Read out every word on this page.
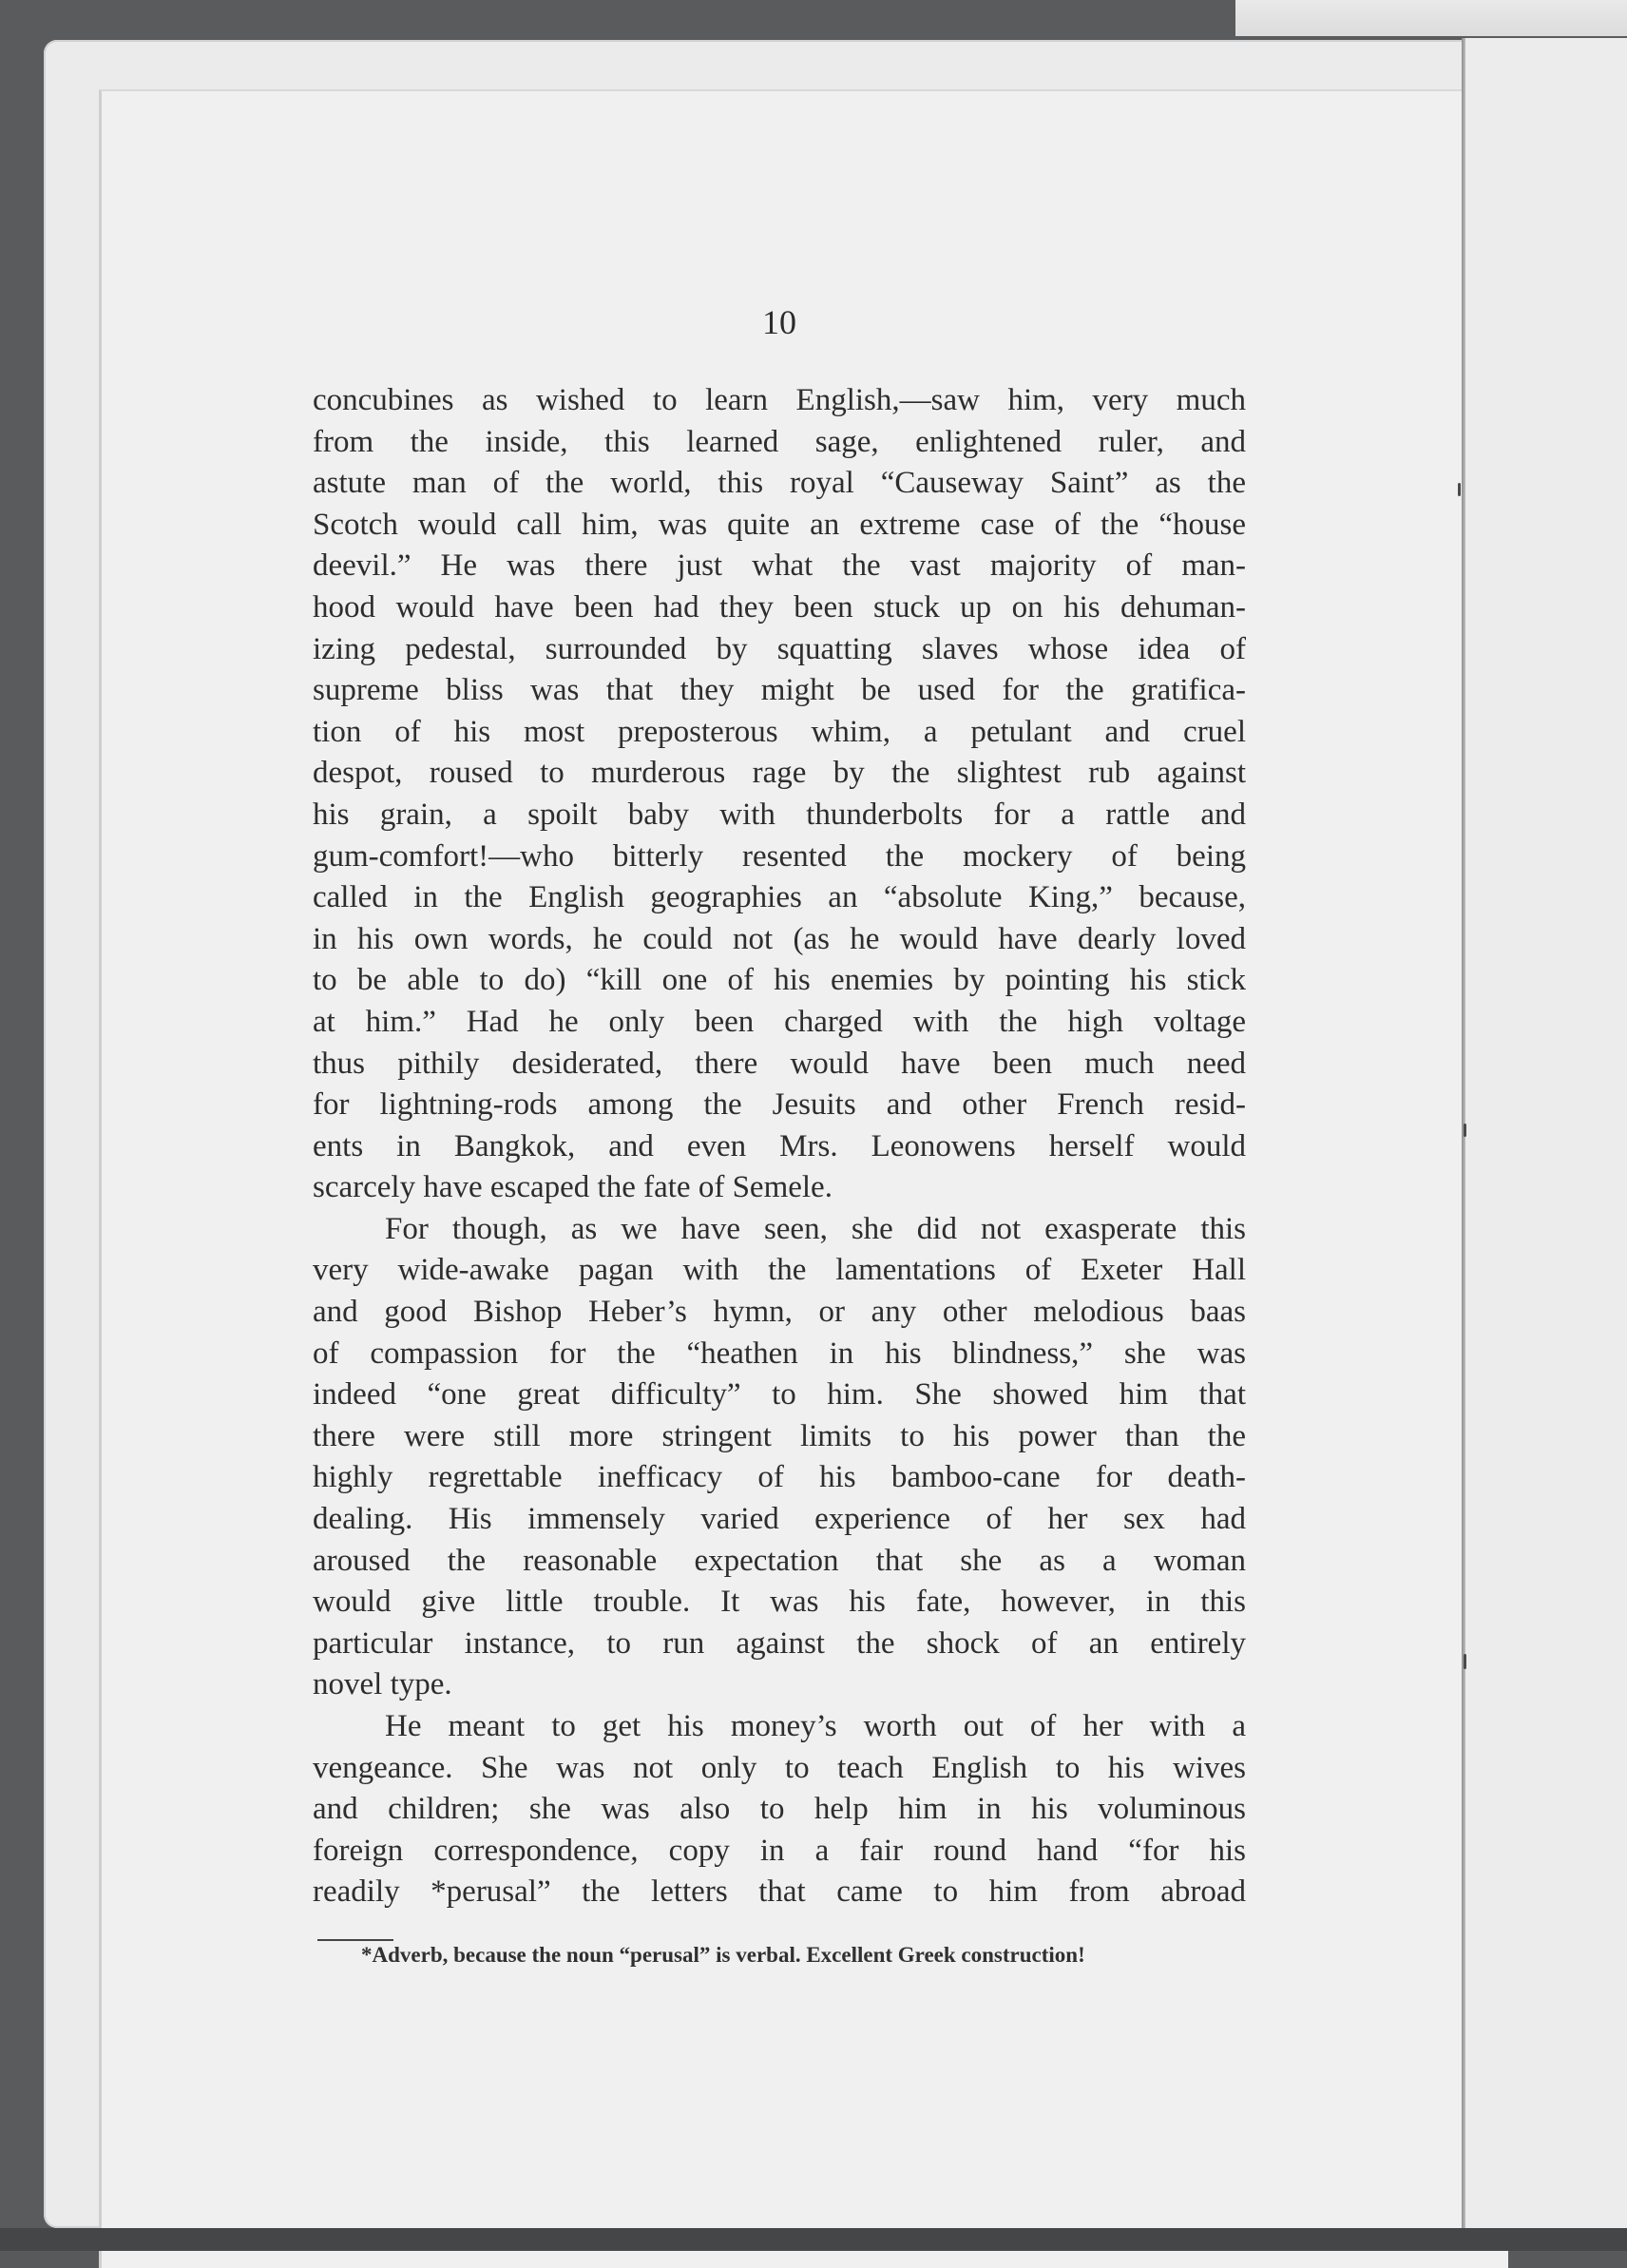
10
concubines as wished to learn English,—saw him, very much
from the inside, this learned sage, enlightened ruler, and
astute man of the world, this royal “Causeway Saint” as the
Scotch would call him, was quite an extreme case of the “house
deevil.” He was there just what the vast majority of man-
hood would have been had they been stuck up on his dehuman-
izing pedestal, surrounded by squatting slaves whose idea of
supreme bliss was that they might be used for the gratifica-
tion of his most preposterous whim, a petulant and cruel
despot, roused to murderous rage by the slightest rub against
his grain, a spoilt baby with thunderbolts for a rattle and
gum-comfort!—who bitterly resented the mockery of being
called in the English geographies an “absolute King,” because,
in his own words, he could not (as he would have dearly loved
to be able to do) “kill one of his enemies by pointing his stick
at him.” Had he only been charged with the high voltage
thus pithily desiderated, there would have been much need
for lightning-rods among the Jesuits and other French resid-
ents in Bangkok, and even Mrs. Leonowens herself would
scarcely have escaped the fate of Semele.
For though, as we have seen, she did not exasperate this
very wide-awake pagan with the lamentations of Exeter Hall
and good Bishop Heber’s hymn, or any other melodious baas
of compassion for the “heathen in his blindness,” she was
indeed “one great difficulty” to him. She showed him that
there were still more stringent limits to his power than the
highly regrettable inefficacy of his bamboo-cane for death-
dealing. His immensely varied experience of her sex had
aroused the reasonable expectation that she as a woman
would give little trouble. It was his fate, however, in this
particular instance, to run against the shock of an entirely
novel type.
He meant to get his money’s worth out of her with a
vengeance. She was not only to teach English to his wives
and children; she was also to help him in his voluminous
foreign correspondence, copy in a fair round hand “for his
readily *perusal” the letters that came to him from abroad
*Adverb, because the noun “perusal” is verbal. Excellent Greek construction!
